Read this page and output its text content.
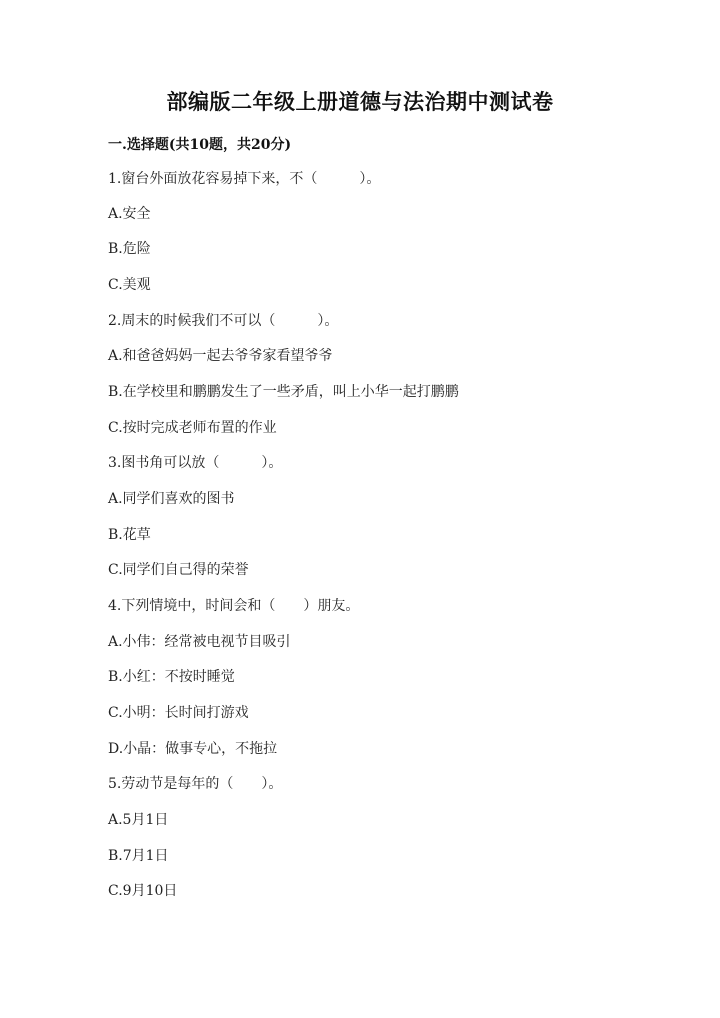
部编版二年级上册道德与法治期中测试卷
一.选择题(共10题，共20分)
1.窗台外面放花容易掉下来，不（　　　）。
A.安全
B.危险
C.美观
2.周末的时候我们不可以（　　　）。
A.和爸爸妈妈一起去爷爷家看望爷爷
B.在学校里和鹏鹏发生了一些矛盾，叫上小华一起打鹏鹏
C.按时完成老师布置的作业
3.图书角可以放（　　　）。
A.同学们喜欢的图书
B.花草
C.同学们自己得的荣誉
4.下列情境中，时间会和（　　）朋友。
A.小伟：经常被电视节目吸引
B.小红：不按时睡觉
C.小明：长时间打游戏
D.小晶：做事专心，不拖拉
5.劳动节是每年的（　　）。
A.5月1日
B.7月1日
C.9月10日
